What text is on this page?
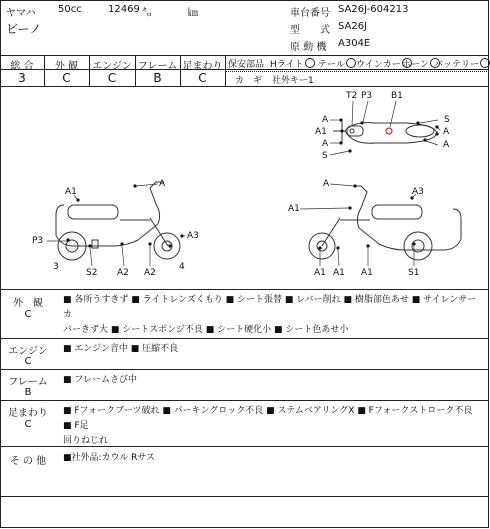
ヤマハ 50cc	12469 ㌔	㎞
ビーノ
車台番号 SA26J-604213
型　　式 SA26J
原 動 機 A304E
総 合	外 観	エンジン フレーム 足まわり
3	C	C	B	C
保安部品 Hライト	テール	ウインカー ホーン バッテリー
カ　ギ 社外キー1
T2 P3 B1
A
A1
A
S
S
A
A
A
A1
P3
3
S2 A2 A2
A3
4
A
A1
A3
A1 A1 A1	S1
外　観
C
■ 各所うすきず ■ ライトレンズくもり ■ シート張替 ■ レバー削れ ■ 樹脂部色あせ ■ サイレンサーカ
バーきず大 ■ シートスポンジ不良 ■ シート硬化小 ■ シート色あせ小
エンジン
C
■ エンジン音中 ■ 圧縮不良
フレーム
B
■ フレームさび中
足まわり
C
■ Fフォークブーツ破れ ■ パーキングロック不良 ■ ステムベアリングX ■ Fフォークストローク不良 ■ F足
回りねじれ
そ の 他	■社外品:カウル Rサス
